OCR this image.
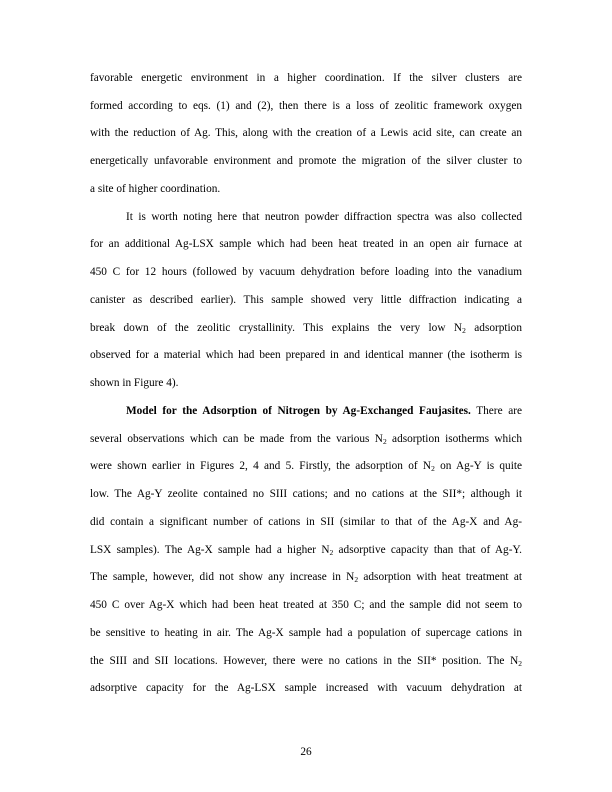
favorable energetic environment in a higher coordination. If the silver clusters are
formed according to eqs. (1) and (2), then there is a loss of zeolitic framework oxygen
with the reduction of Ag. This, along with the creation of a Lewis acid site, can create an
energetically unfavorable environment and promote the migration of the silver cluster to
a site of higher coordination.
It is worth noting here that neutron powder diffraction spectra was also collected
for an additional Ag-LSX sample which had been heat treated in an open air furnace at
450 C for 12 hours (followed by vacuum dehydration before loading into the vanadium
canister as described earlier). This sample showed very little diffraction indicating a
break down of the zeolitic crystallinity. This explains the very low $N_2$ adsorption
observed for a material which had been prepared in and identical manner (the isotherm is
shown in Figure 4).
Model for the Adsorption of Nitrogen by Ag-Exchanged Faujasites. There are
several observations which can be made from the various $N_2$ adsorption isotherms which
were shown earlier in Figures 2, 4 and 5. Firstly, the adsorption of $N_2$ on Ag-Y is quite
low. The Ag-Y zeolite contained no SIII cations; and no cations at the SII*; although it
did contain a significant number of cations in SII (similar to that of the Ag-X and Ag-
LSX samples). The Ag-X sample had a higher $N_2$ adsorptive capacity than that of Ag-Y.
The sample, however, did not show any increase in $N_2$ adsorption with heat treatment at
450 C over Ag-X which had been heat treated at 350 C; and the sample did not seem to
be sensitive to heating in air. The Ag-X sample had a population of supercage cations in
the SIII and SII locations. However, there were no cations in the SII* position. The $N_2$
adsorptive capacity for the Ag-LSX sample increased with vacuum dehydration at
26
